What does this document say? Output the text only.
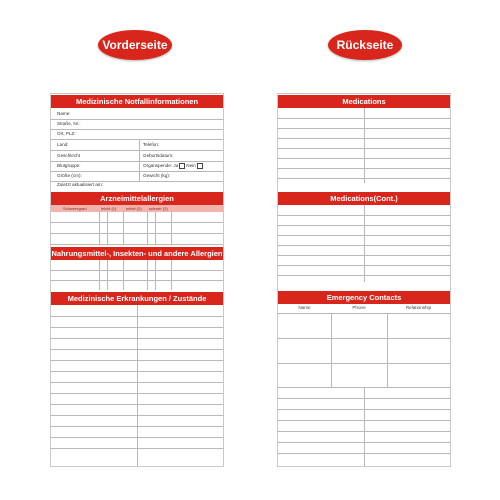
Vorderseite	Rückseite
Medizinische Notfallinformationen
Name:
Straße, Nr.:
Ort, PLZ:
Land:	Telefon:
Geschlecht	Geburtsdatum:
Blutgruppe:	Organspende: Ja Nein
Größe (cm):	Gewicht (kg):
Zuletzt aktualisiert am:
Arzneimittelallergien
Schweregrad	leicht (1) mittel (2) schwer (3)
Nahrungsmittel-, Insekten- und andere Allergien
Medizinische Erkrankungen / Zustände
Medications
Medications(Cont.)
Emergency Contacts
Name	Phone	Relationship
